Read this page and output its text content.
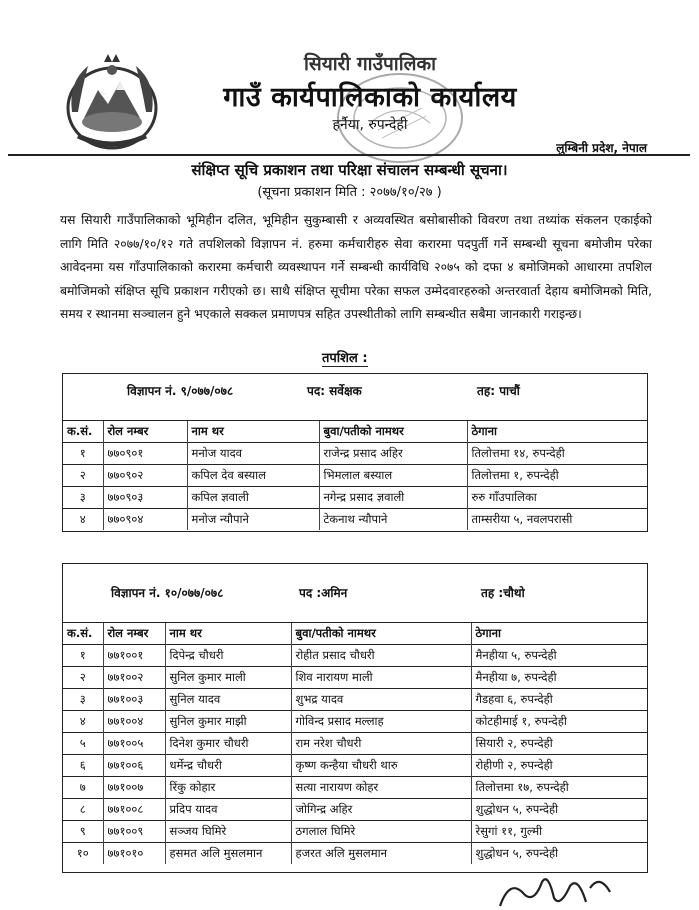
सियारी गाउँपालिका
गाउँ कार्यपालिकाको कार्यालय
हर्नैया, रुपन्देही
लुम्बिनी प्रदेश, नेपाल
संक्षिप्त सूचि प्रकाशन तथा परिक्षा संचालन सम्बन्धी सूचना।
(सूचना प्रकाशन मिति : २०७७/१०/२७ )
यस सियारी गाउँपालिकाको भूमिहीन दलित, भूमिहीन सुकुम्बासी र अव्यवस्थित बसोबासीको विवरण तथा तथ्यांक संकलन एकाईको लागि मिति २०७७/१०/१२ गते तपशिलको विज्ञापन नं. हरुमा कर्मचारीहरु सेवा करारमा पदपुर्ती गर्ने सम्बन्धी सूचना बमोजीम परेका आवेदनमा यस गाँउपालिकाको करारमा कर्मचारी व्यवस्थापन गर्ने सम्बन्धी कार्यविधि २०७५ को दफा ४ बमोजिमको आधारमा तपशिल बमोजिमको संक्षिप्त सूचि प्रकाशन गरीएको छ। साथै संक्षिप्त सूचीमा परेका सफल उम्मेदवारहरुको अन्तरवार्ता देहाय बमोजिमको मिति, समय र स्थानमा सञ्चालन हुने भएकाले सक्कल प्रमाणपत्र सहित उपस्थीतीको लागि सम्बन्धीत सबैमा जानकारी गराइन्छ।
तपशिल :
विज्ञापन नं. ९/०७७/०७८	पद: सर्वेक्षक	तह: पाचौं
क.सं.	रोल नम्बर	नाम थर	बुवा/पतीको नामथर	ठेगाना
१	७७०९०१	मनोज यादव	राजेन्द्र प्रसाद अहिर	तिलोत्तमा १४, रुपन्देही
२	७७०९०२	कपिल देव बस्याल	भिमलाल बस्याल	तिलोत्तमा १, रुपन्देही
३	७७०९०३	कपिल ज्ञवाली	नगेन्द्र प्रसाद ज्ञवाली	रुरु गाँउपालिका
४	७७०९०४	मनोज न्यौपाने	टेकनाथ न्यौपाने	ताम्सरीया ५, नवलपरासी
विज्ञापन नं. १०/०७७/०७८	पद :अमिन	तह :चौथो
क.सं.	रोल नम्बर	नाम थर	बुवा/पतीको नामथर	ठेगाना
१	७७१००१	दिपेन्द्र चौधरी	रोहीत प्रसाद चौधरी	मैनहीया ५, रुपन्देही
२	७७१००२	सुनिल कुमार माली	शिव नारायण माली	मैनहीया ७, रुपन्देही
३	७७१००३	सुनिल यादव	शुभद्र यादव	गैडहवा ६, रुपन्देही
४	७७१००४	सुनिल कुमार माझी	गोविन्द प्रसाद मल्लाह	कोटहीमाई १, रुपन्देही
५	७७१००५	दिनेश कुमार चौधरी	राम नरेश चौधरी	सियारी २, रुपन्देही
६	७७१००६	धर्मेन्द्र चौधरी	कृष्ण कन्हैया चौधरी थारु	रोहीणी २, रुपन्देही
७	७७१००७	रिंकु कोहार	सत्या नारायण कोहर	तिलोत्तमा १७, रुपन्देही
८	७७१००८	प्रदिप यादव	जोगिन्द्र अहिर	शुद्धोधन ५, रुपन्देही
९	७७१००९	सञ्जय घिमिरे	ठगलाल घिमिरे	रेसुगां ११, गुल्मी
१०	७७१०१०	हसमत अलि मुसलमान	हजरत अलि मुसलमान	शुद्धोधन ५, रुपन्देही
